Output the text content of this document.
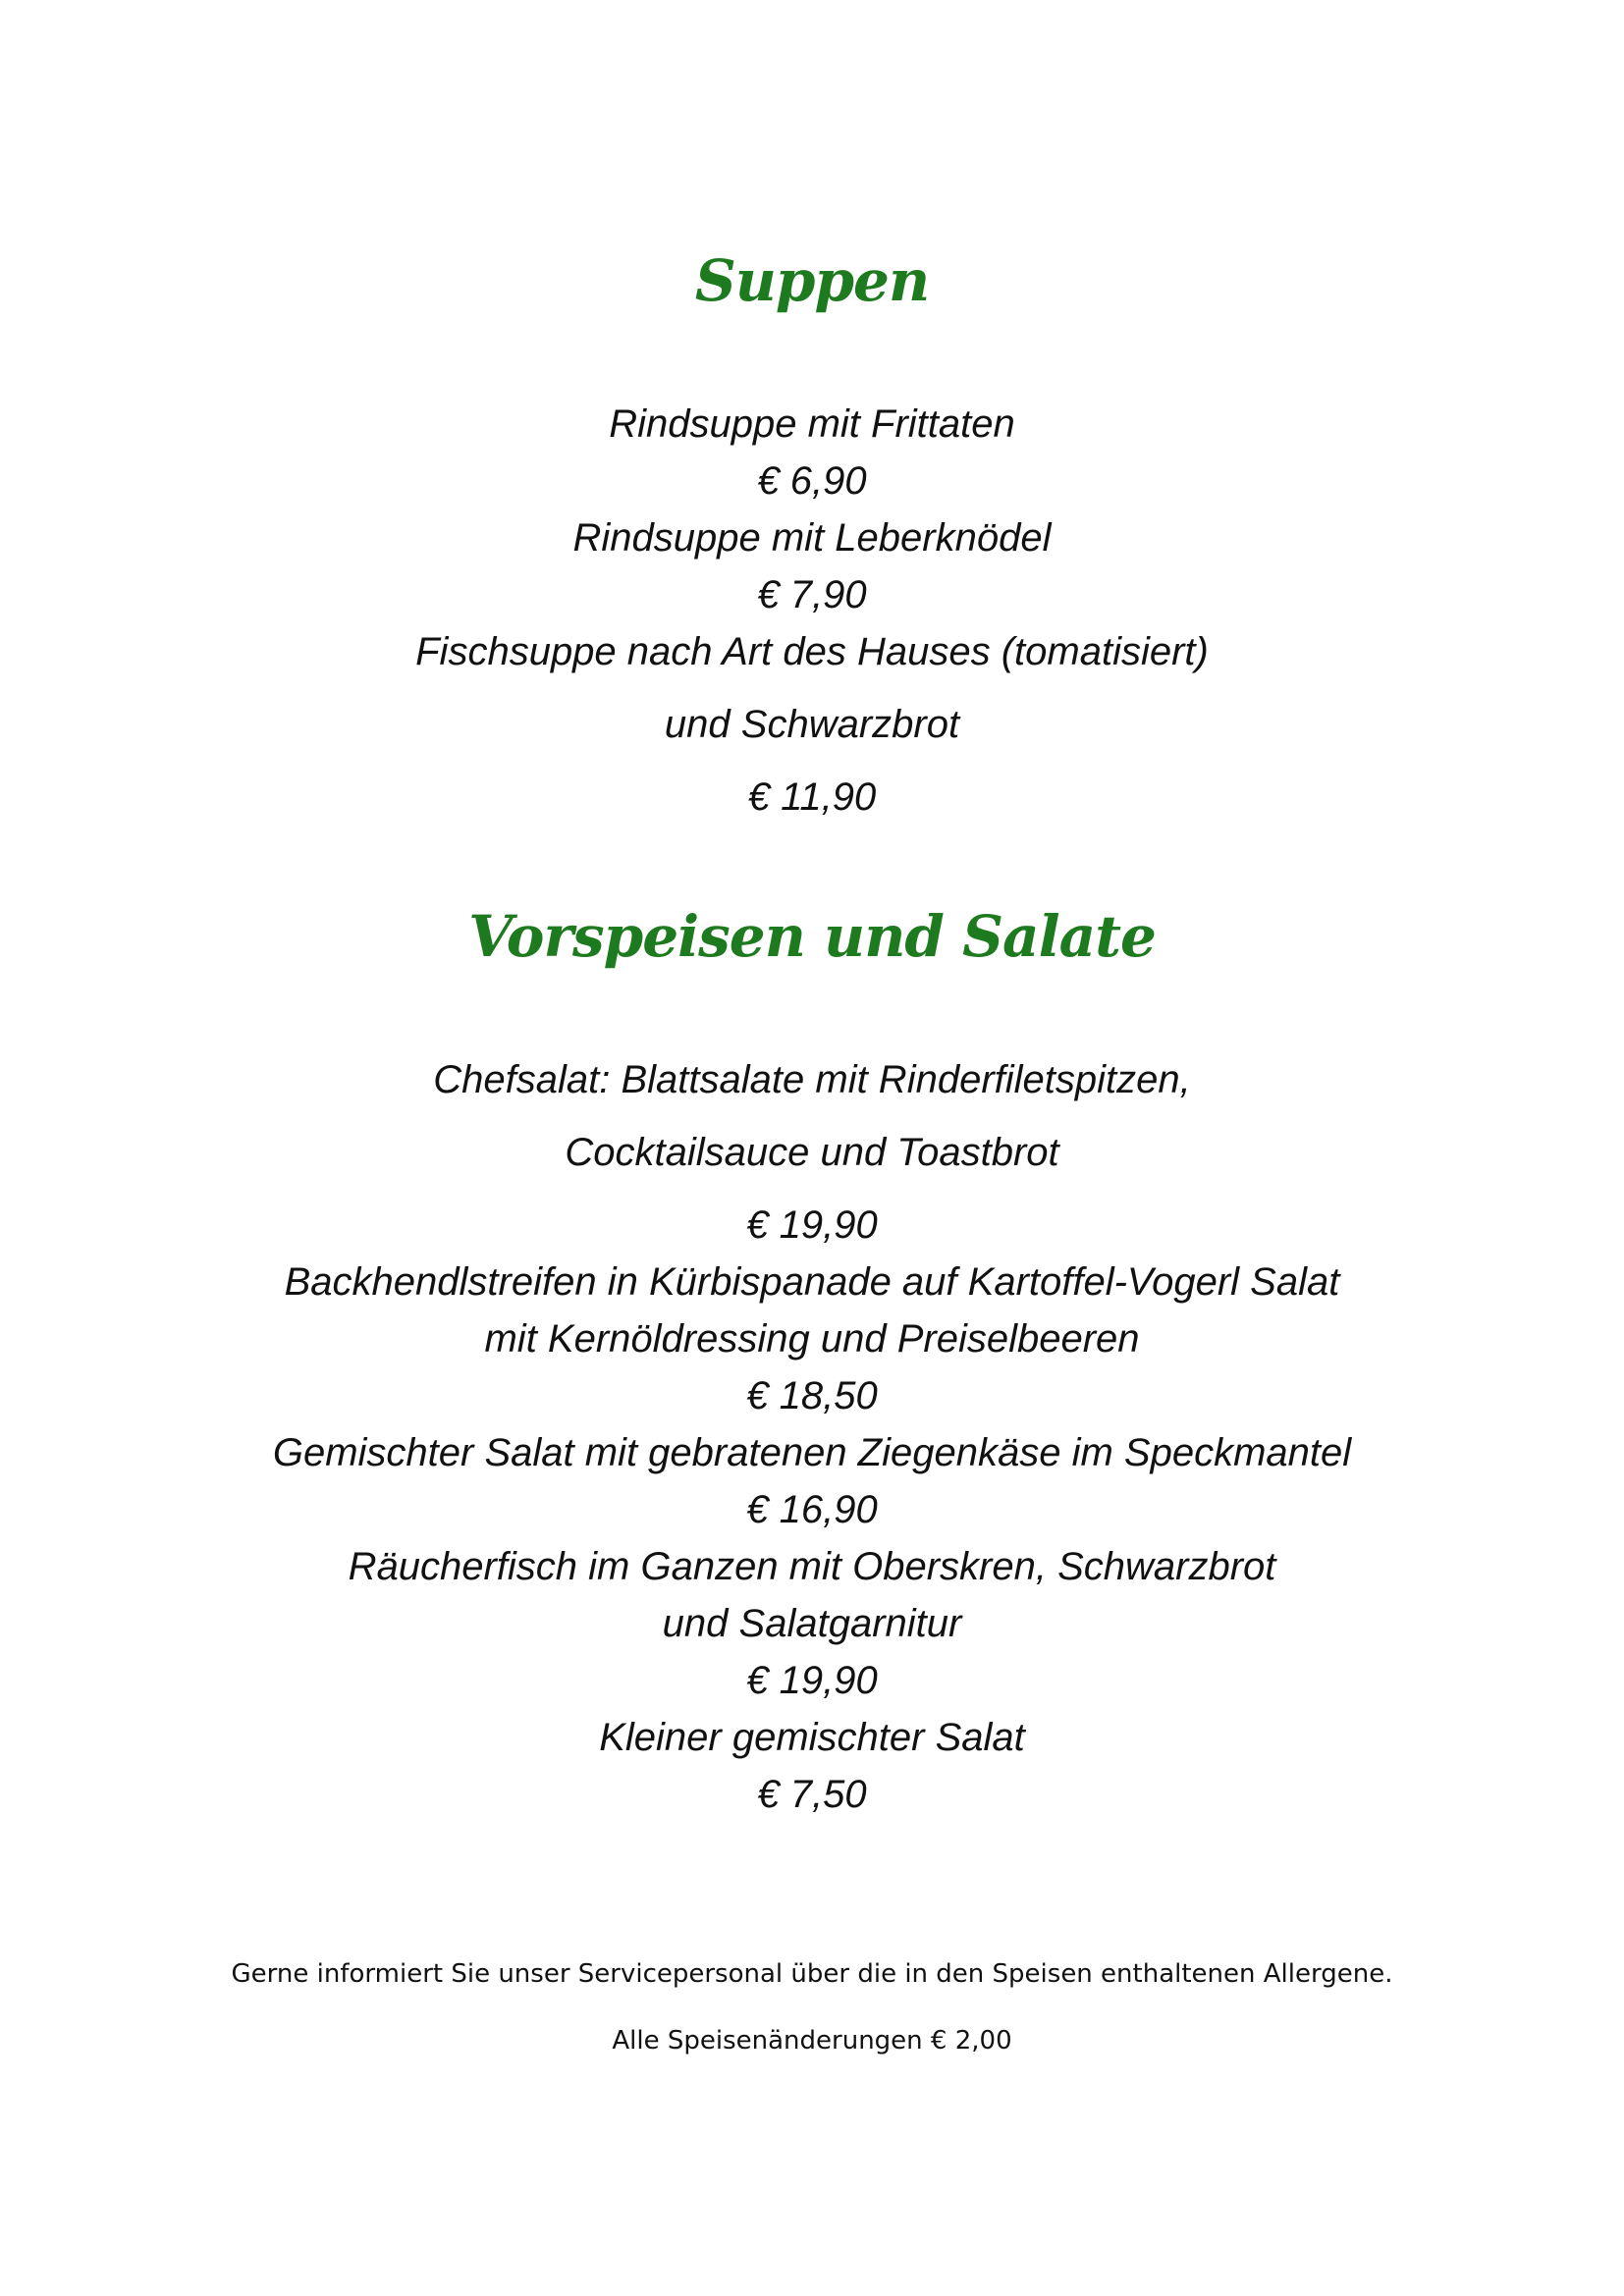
Suppen
Rindsuppe mit Frittaten
€ 6,90
Rindsuppe mit Leberknödel
€ 7,90
Fischsuppe nach Art des Hauses (tomatisiert)
und Schwarzbrot
€ 11,90
Vorspeisen und Salate
Chefsalat: Blattsalate mit Rinderfiletspitzen,
Cocktailsauce und Toastbrot
€ 19,90
Backhendlstreifen in Kürbispanade auf Kartoffel-Vogerl Salat
mit Kernöldressing und Preiselbeeren
€ 18,50
Gemischter Salat mit gebratenen Ziegenkäse im Speckmantel
€ 16,90
Räucherfisch im Ganzen mit Oberskren, Schwarzbrot
und Salatgarnitur
€ 19,90
Kleiner gemischter Salat
€ 7,50
Gerne informiert Sie unser Servicepersonal über die in den Speisen enthaltenen Allergene.
Alle Speisenänderungen € 2,00
